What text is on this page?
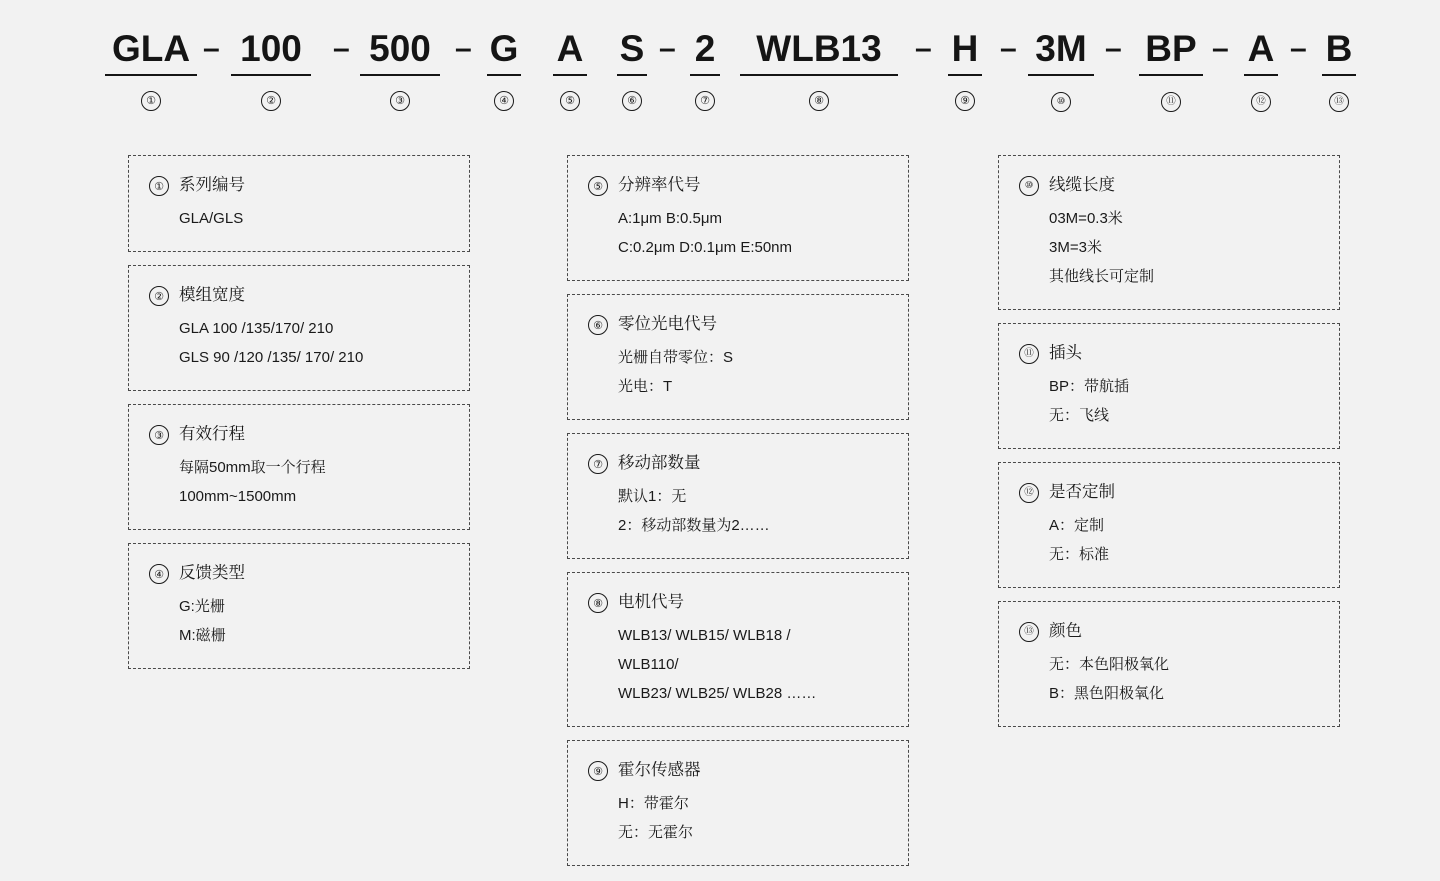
GLA
①
100
②
500
③
G
④
A
⑤
S
⑥
2
⑦
WLB13
⑧
H
⑨
3M
⑩
BP
⑪
A
⑫
B
⑬
–	–	–	–	– –	–	– –
① 系列编号
GLA/GLS
② 模组宽度
GLA 100 /135/170/ 210
GLS 90 /120 /135/ 170/ 210
③ 有效行程
每隔50mm取一个行程
100mm~1500mm
④ 反馈类型
G:光栅
M:磁栅
⑤ 分辨率代号
A:1μm B:0.5μm
C:0.2μm D:0.1μm E:50nm
⑥ 零位光电代号
光栅自带零位：S
光电：T
⑦ 移动部数量
默认1：无
2：移动部数量为2……
⑧ 电机代号
WLB13/ WLB15/ WLB18 /
WLB110/
WLB23/ WLB25/ WLB28 ……
⑨ 霍尔传感器
H：带霍尔
无：无霍尔
⑩ 线缆长度
03M=0.3米
3M=3米
其他线长可定制
⑪ 插头
BP：带航插
无：飞线
⑫ 是否定制
A：定制
无：标准
⑬ 颜色
无：本色阳极氧化
B：黑色阳极氧化
